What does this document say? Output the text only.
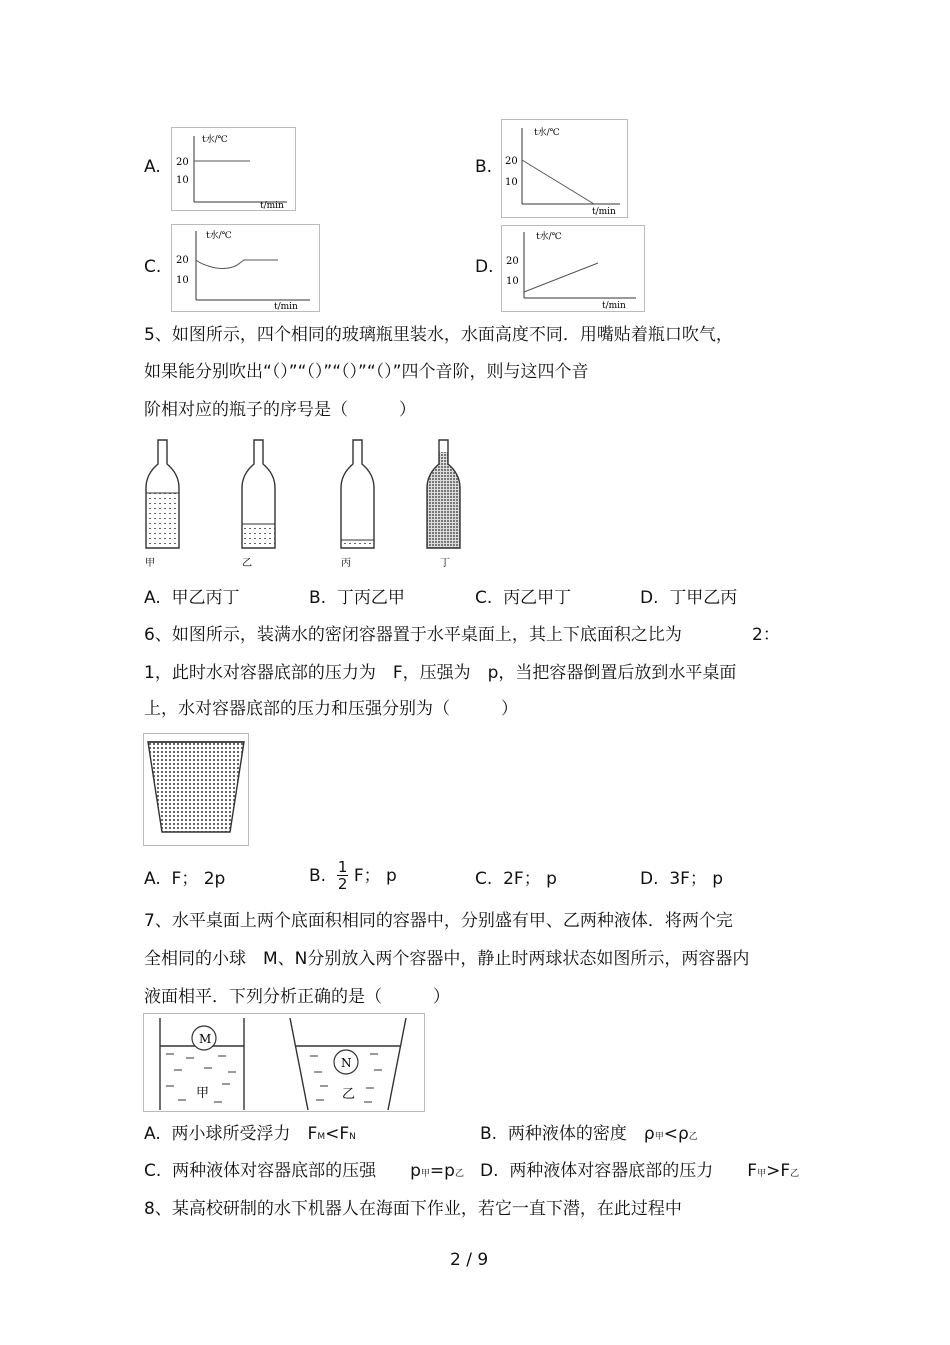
A.
t水/℃
20
10
t/min
B.
t水/℃
20
10
t/min
C.
t水/℃
20
10
t/min
D.
t水/℃
20
10
t/min
5、如图所示，四个相同的玻璃瓶里装水，水面高度不同．用嘴贴着瓶口吹气，
如果能分别吹出“（）”“（）”“（）”“（）”四个音阶，则与这四个音
阶相对应的瓶子的序号是（　　　）
甲	乙	丙	丁
A. 甲乙丙丁	B. 丁丙乙甲	C. 丙乙甲丁	D. 丁甲乙丙
6、如图所示，装满水的密闭容器置于水平桌面上，其上下底面积之比为	2：
1，此时水对容器底部的压力为　F，压强为　p，当把容器倒置后放到水平桌面
上，水对容器底部的压力和压强分别为（　　　）
A. F； 2p	B. $\frac{1}{2}$ F； p	C. 2F； p	D. 3F； p
7、水平桌面上两个底面积相同的容器中，分别盛有甲、乙两种液体．将两个完
全相同的小球　M、N分别放入两个容器中，静止时两球状态如图所示，两容器内
液面相平．下列分析正确的是（　　　）
M
甲
N
乙
A. 两小球所受浮力　FM<FN	B. 两种液体的密度　ρ甲<ρ乙
C. 两种液体对容器底部的压强　　p甲=p乙 D. 两种液体对容器底部的压力　　F甲>F乙
8、某高校研制的水下机器人在海面下作业，若它一直下潜，在此过程中
2 / 9
